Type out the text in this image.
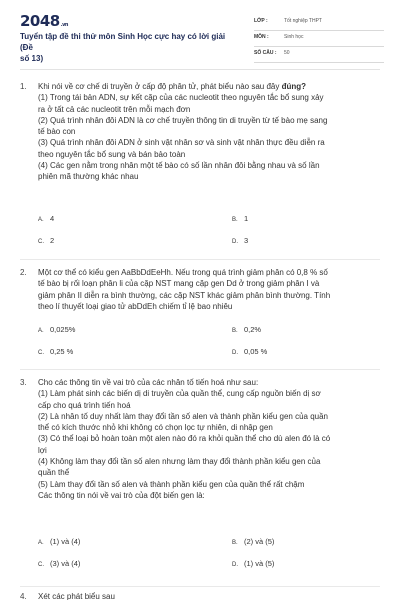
2048.vn
Tuyển tập đề thi thử môn Sinh Học cực hay có lời giải (Đề
số 13)
LỚP :	Tốt nghiệp THPT
MÔN :	Sinh học
SỐ CÂU : 50
1.	Khi nói về cơ chế di truyền ở cấp độ phân tử, phát biểu nào sau đây đúng?
(1) Trong tái bản ADN, sự kết cặp của các nucleotit theo nguyên tắc bổ sung xảy
ra ở tất cả các nucleotit trên mỗi mạch đơn
(2) Quá trình nhân đôi ADN là cơ chế truyền thông tin di truyền từ tế bào mẹ sang
tế bào con
(3) Quá trình nhân đôi ADN ở sinh vật nhân sơ và sinh vật nhân thực đều diễn ra
theo nguyên tắc bổ sung và bán bảo toàn
(4) Các gen nằm trong nhân một tế bào có số lần nhân đôi bằng nhau và số lần
phiên mã thường khác nhau
A. 4	B. 1
C. 2	D. 3
2.	Một cơ thể có kiểu gen AaBbDdEeHh. Nếu trong quá trình giảm phân có 0,8 % số
tế bào bị rối loạn phân li của cặp NST mang cặp gen Dd ở trong giảm phân I và
giảm phân II diễn ra bình thường, các cặp NST khác giảm phân bình thường. Tính
theo lí thuyết loại giao tử abDdEh chiếm tỉ lệ bao nhiêu
A. 0,025%	B. 0,2%
C. 0,25 %	D. 0,05 %
3.	Cho các thông tin về vai trò của các nhân tố tiến hoá như sau:
(1) Làm phát sinh các biến dị di truyền của quần thể, cung cấp nguồn biến dị sơ
cấp cho quá trình tiến hoá
(2) Là nhân tố duy nhất làm thay đổi tần số alen và thành phần kiểu gen của quần
thể có kích thước nhỏ khi không có chọn lọc tự nhiên, di nhập gen
(3) Có thể loại bỏ hoàn toàn một alen nào đó ra khỏi quần thể cho dù alen đó là có
lợi
(4) Không làm thay đổi tần số alen nhưng làm thay đổi thành phần kiểu gen của
quần thể
(5) Làm thay đổi tần số alen và thành phần kiểu gen của quần thể rất chậm
Các thông tin nói về vai trò của đột biến gen là:
A. (1) và (4)	B. (2) và (5)
C. (3) và (4)	D. (1) và (5)
4.	Xét các phát biểu sau
